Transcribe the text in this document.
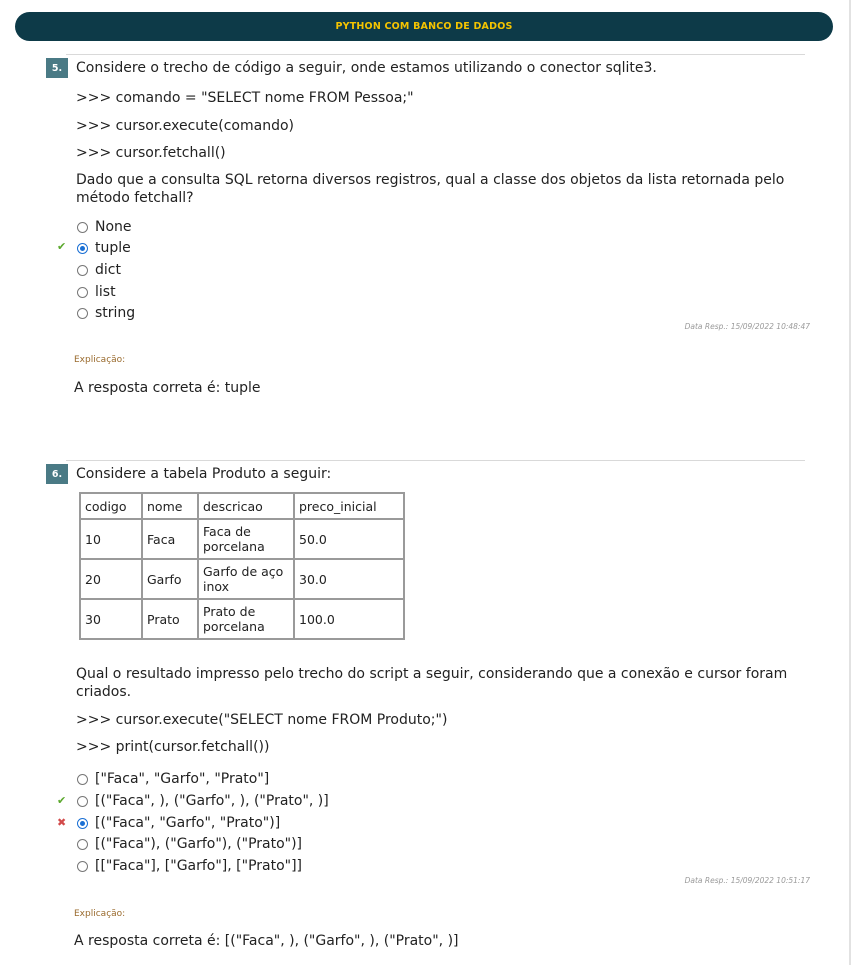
PYTHON COM BANCO DE DADOS
5. Considere o trecho de código a seguir, onde estamos utilizando o conector sqlite3.
>>> comando = "SELECT nome FROM Pessoa;"
>>> cursor.execute(comando)
>>> cursor.fetchall()
Dado que a consulta SQL retorna diversos registros, qual a classe dos objetos da lista retornada pelo método fetchall?
✔
None
tuple
dict
list
string
Data Resp.: 15/09/2022 10:48:47
Explicação:
A resposta correta é: tuple
6. Considere a tabela Produto a seguir:
codigo	nome	descricao	preco_inicial
10	Faca	Faca de porcelana	50.0
20	Garfo	Garfo de aço inox	30.0
30	Prato	Prato de porcelana	100.0
Qual o resultado impresso pelo trecho do script a seguir, considerando que a conexão e cursor foram criados.
>>> cursor.execute("SELECT nome FROM Produto;")
>>> print(cursor.fetchall())
✔
✖
["Faca", "Garfo", "Prato"]
[("Faca", ), ("Garfo", ), ("Prato", )]
[("Faca", "Garfo", "Prato")]
[("Faca"), ("Garfo"), ("Prato")]
[["Faca"], ["Garfo"], ["Prato"]]
Data Resp.: 15/09/2022 10:51:17
Explicação:
A resposta correta é: [("Faca", ), ("Garfo", ), ("Prato", )]
